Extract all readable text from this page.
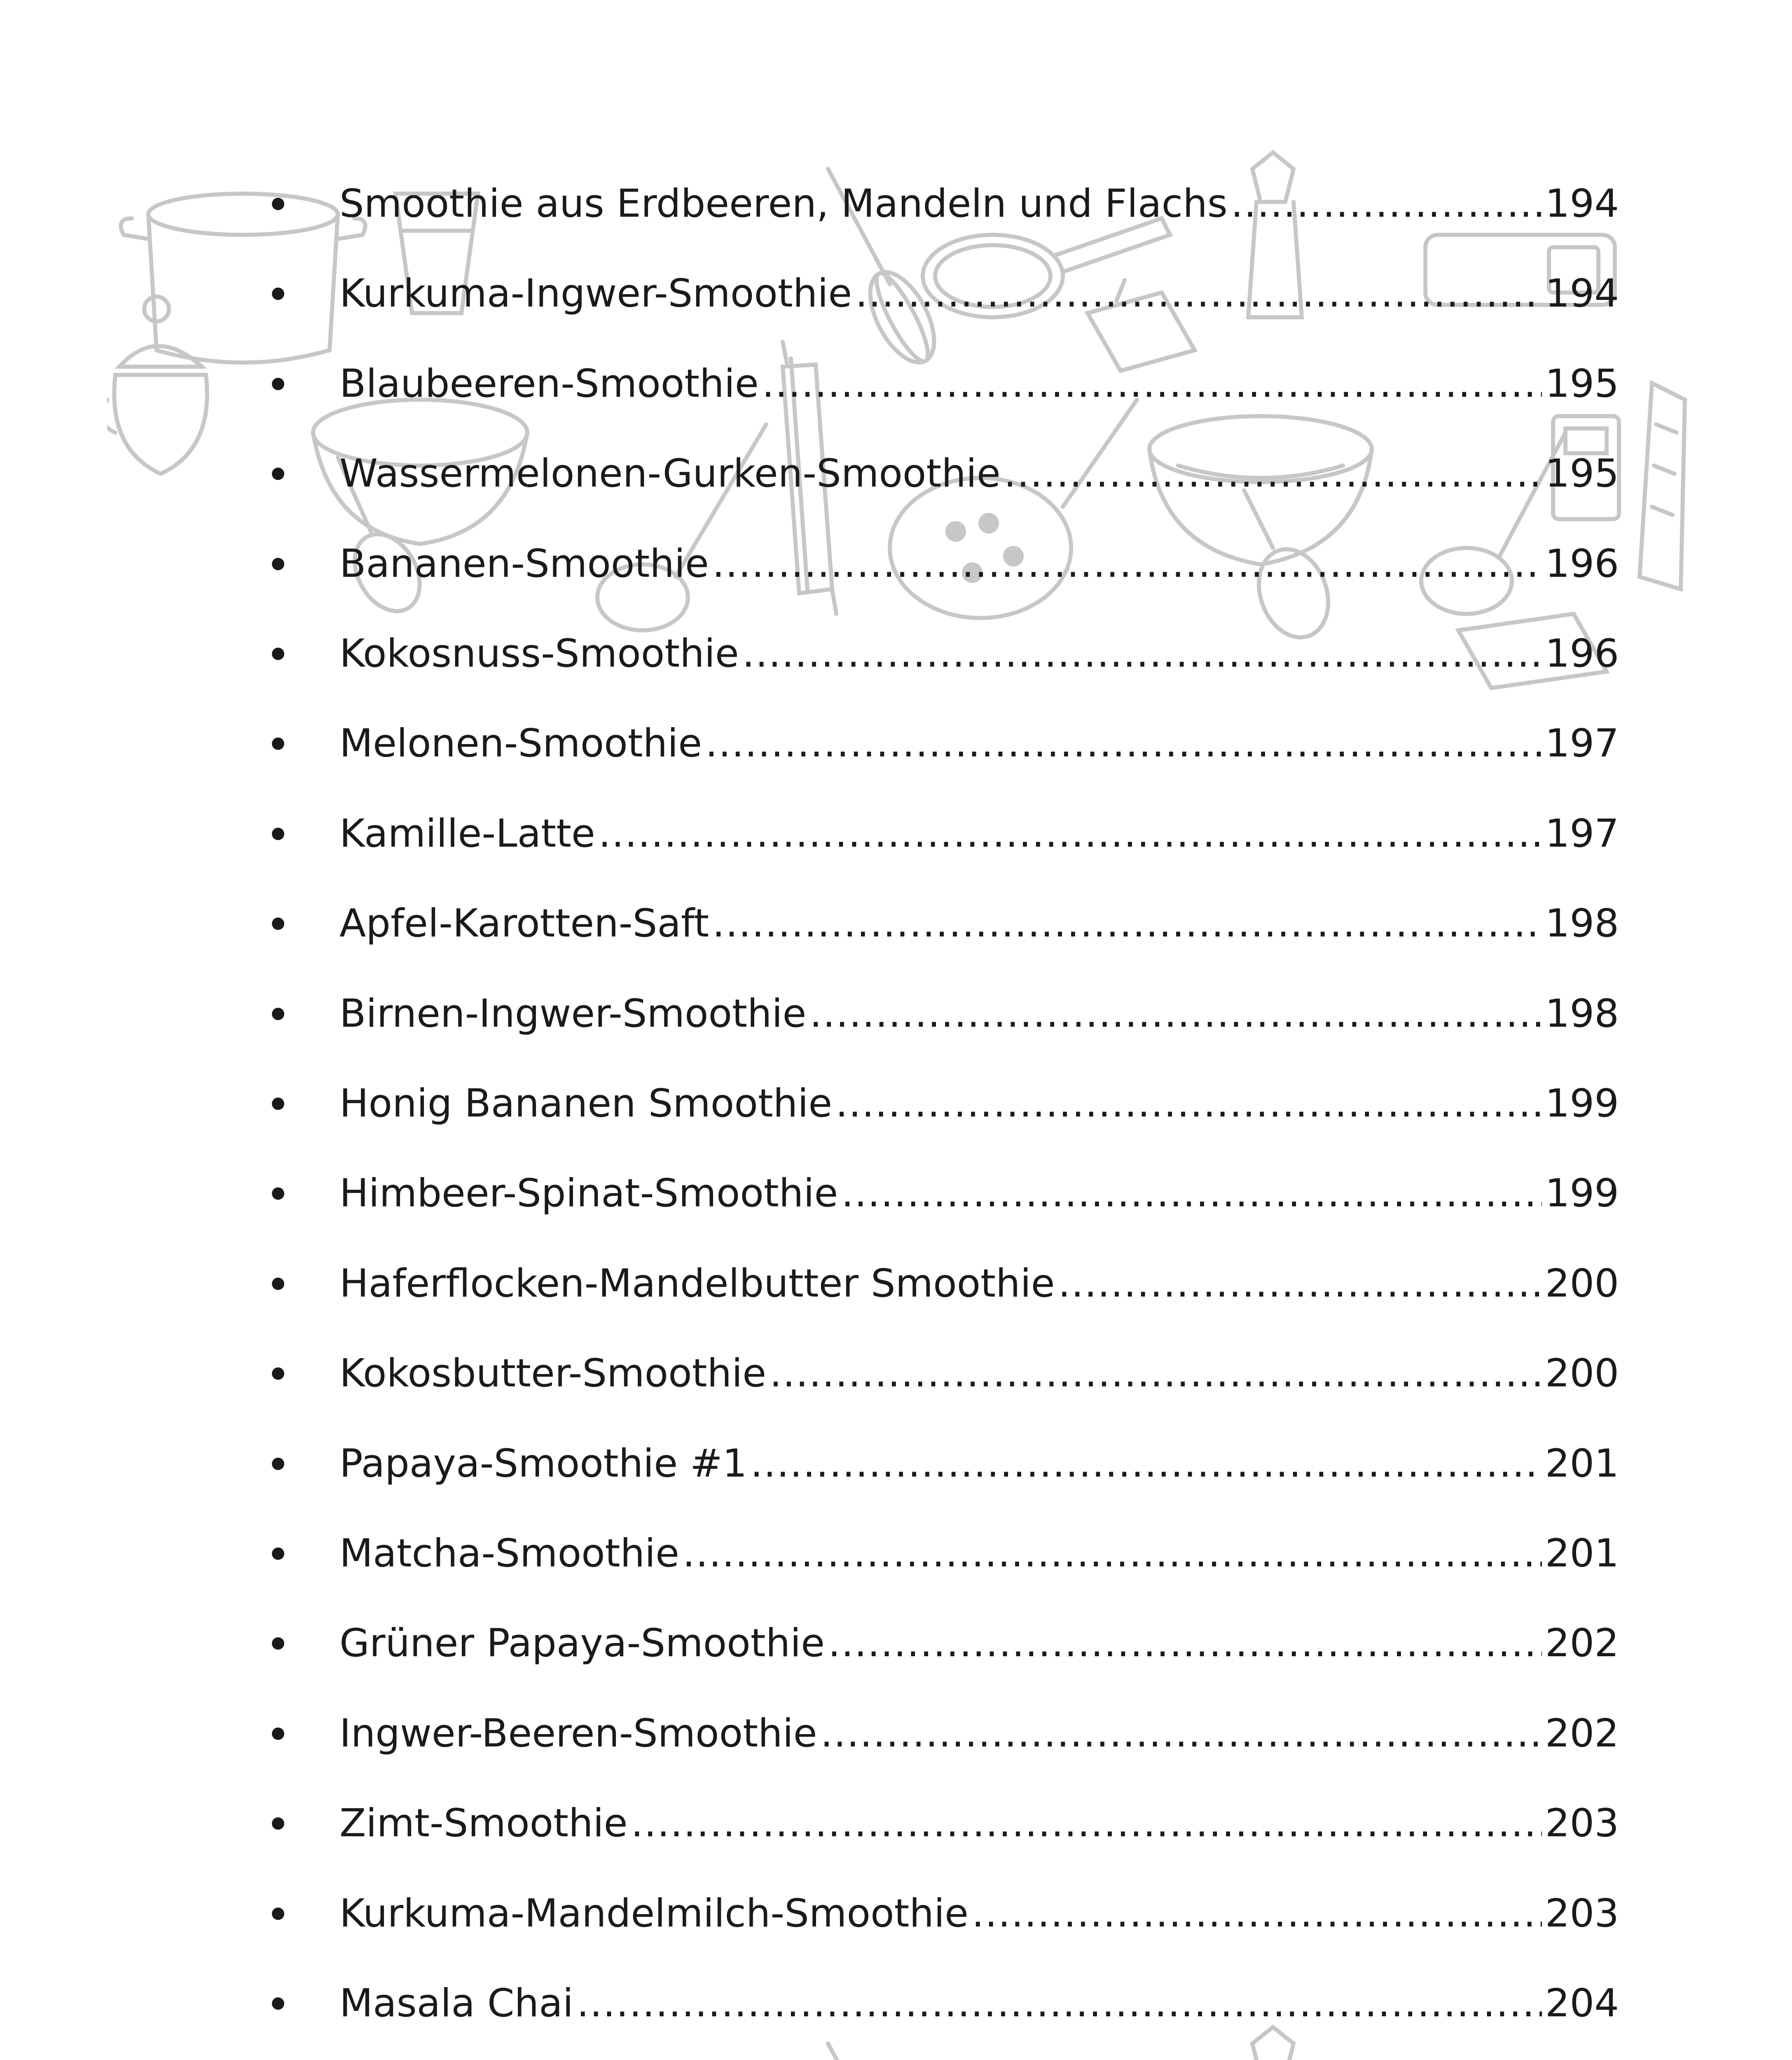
Smoothie aus Erdbeeren, Mandeln und Flachs .....	194
Kurkuma-Ingwer-Smoothie .....	194
Blaubeeren-Smoothie .....	195
Wassermelonen-Gurken-Smoothie .....	195
Bananen-Smoothie .....	196
Kokosnuss-Smoothie .....	196
Melonen-Smoothie .....	197
Kamille-Latte .....	197
Apfel-Karotten-Saft .....	198
Birnen-Ingwer-Smoothie .....	198
Honig Bananen Smoothie .....	199
Himbeer-Spinat-Smoothie .....	199
Haferflocken-Mandelbutter Smoothie .....	200
Kokosbutter-Smoothie .....	200
Papaya-Smoothie #1 .....	201
Matcha-Smoothie .....	201
Grüner Papaya-Smoothie .....	202
Ingwer-Beeren-Smoothie .....	202
Zimt-Smoothie .....	203
Kurkuma-Mandelmilch-Smoothie .....	203
Masala Chai .....	204
